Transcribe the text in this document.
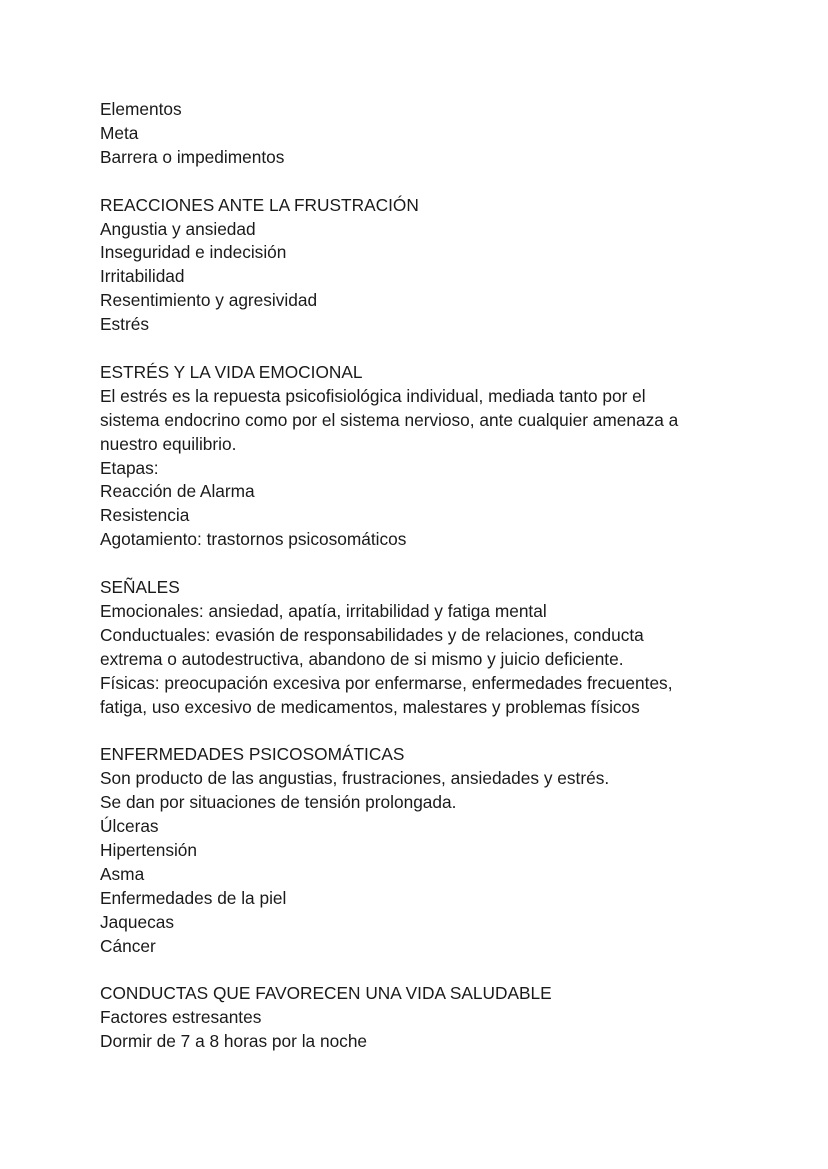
Elementos
Meta
Barrera o impedimentos
REACCIONES ANTE LA FRUSTRACIÓN
Angustia y ansiedad
Inseguridad e indecisión
Irritabilidad
Resentimiento y agresividad
Estrés
ESTRÉS Y LA VIDA EMOCIONAL
El estrés es la repuesta psicofisiológica individual, mediada tanto por el
sistema endocrino como por el sistema nervioso, ante cualquier amenaza a
nuestro equilibrio.
Etapas:
Reacción de Alarma
Resistencia
Agotamiento: trastornos psicosomáticos
SEÑALES
Emocionales: ansiedad, apatía, irritabilidad y fatiga mental
Conductuales: evasión de responsabilidades y de relaciones, conducta
extrema o autodestructiva, abandono de si mismo y juicio deficiente.
Físicas: preocupación excesiva por enfermarse, enfermedades frecuentes,
fatiga, uso excesivo de medicamentos, malestares y problemas físicos
ENFERMEDADES PSICOSOMÁTICAS
Son producto de las angustias, frustraciones, ansiedades y estrés.
Se dan por situaciones de tensión prolongada.
Úlceras
Hipertensión
Asma
Enfermedades de la piel
Jaquecas
Cáncer
CONDUCTAS QUE FAVORECEN UNA VIDA SALUDABLE
Factores estresantes
Dormir de 7 a 8 horas por la noche
